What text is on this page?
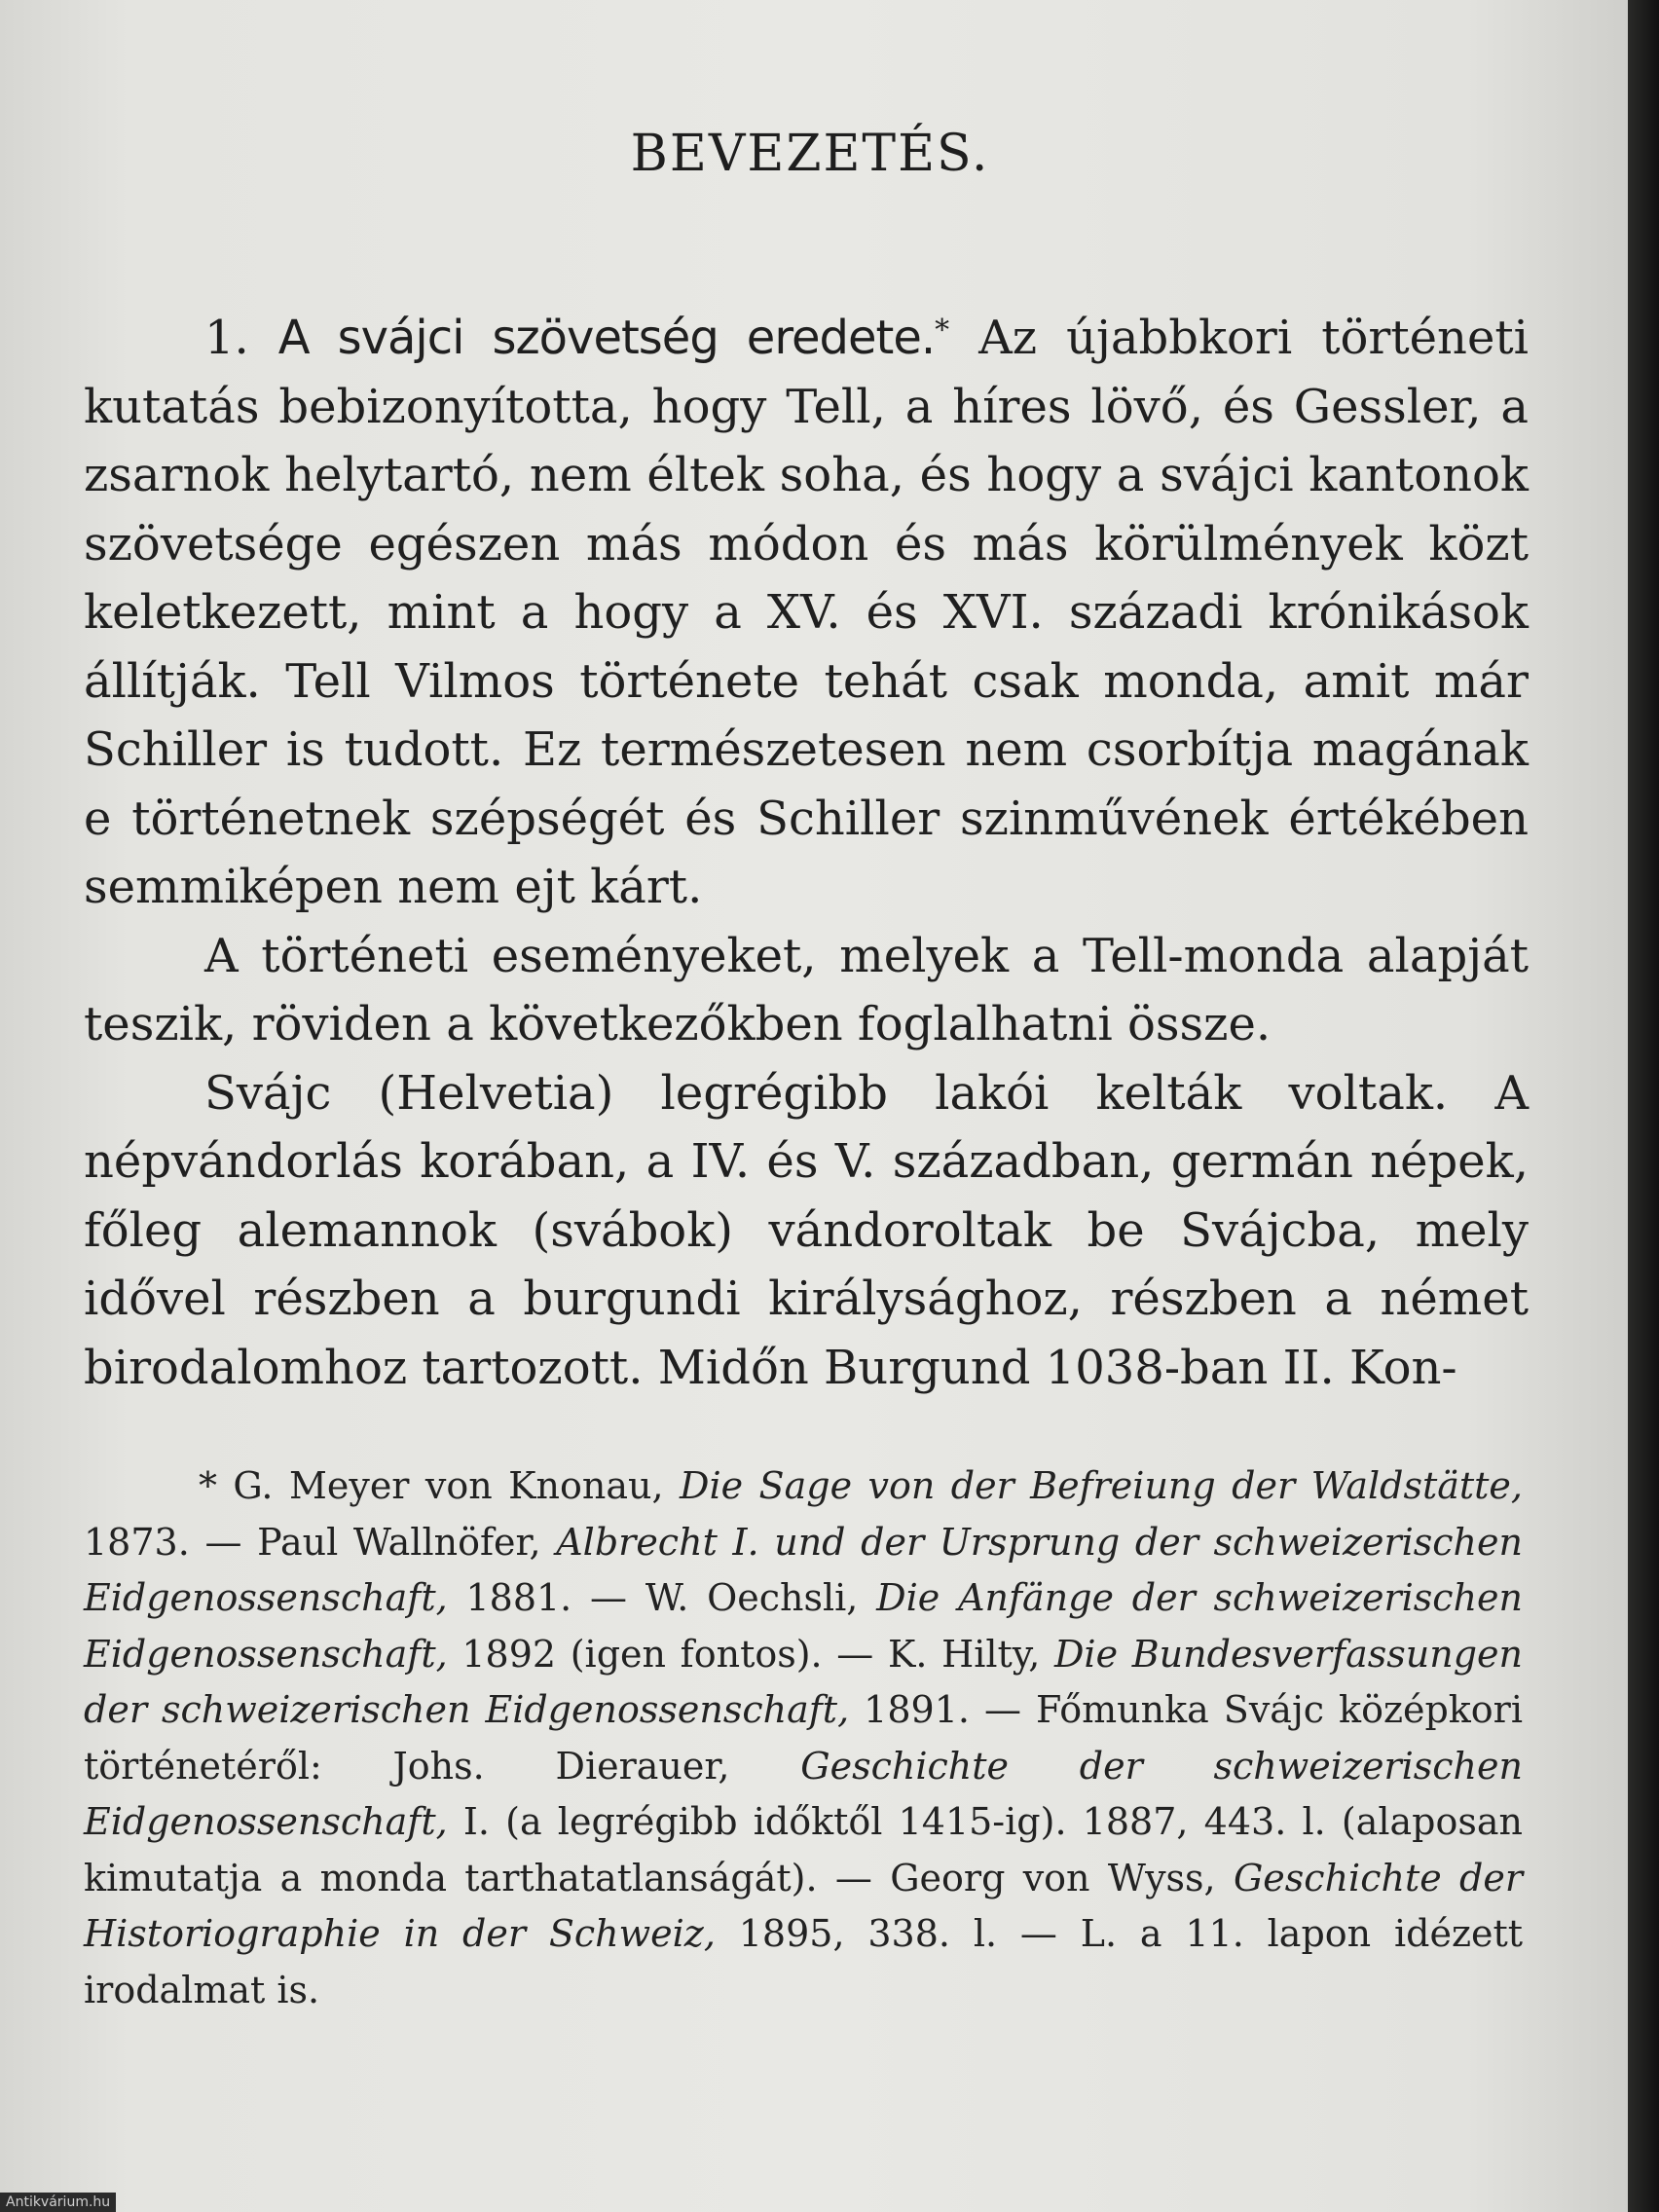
BEVEZETÉS.

1. A svájci szövetség eredete.* Az újabbkori történeti kutatás bebizonyította, hogy Tell, a híres lövő, és Gessler, a zsarnok helytartó, nem éltek soha, és hogy a svájci kantonok szövetsége egészen más módon és más körülmények közt keletkezett, mint a hogy a XV. és XVI. századi krónikások állítják. Tell Vilmos története tehát csak monda, amit már Schiller is tudott. Ez természetesen nem csorbítja magának e történetnek szépségét és Schiller szinművének értékében semmiképen nem ejt kárt.

A történeti eseményeket, melyek a Tell-monda alapját teszik, röviden a következőkben foglalhatni össze.

Svájc (Helvetia) legrégibb lakói kelták voltak. A népvándorlás korában, a IV. és V. században, germán népek, főleg alemannok (svábok) vándoroltak be Svájcba, mely idővel részben a burgundi királysághoz, részben a német birodalomhoz tartozott. Midőn Burgund 1038-ban II. Kon-

* G. Meyer von Knonau, Die Sage von der Befreiung der Waldstätte, 1873. — Paul Wallnöfer, Albrecht I. und der Ursprung der schweizerischen Eidgenossenschaft, 1881. — W. Oechsli, Die Anfänge der schweizerischen Eidgenossenschaft, 1892 (igen fontos). — K. Hilty, Die Bundesverfassungen der schweizerischen Eidgenossenschaft, 1891. — Főmunka Svájc középkori történetéről: Johs. Dierauer, Geschichte der schweizerischen Eidgenossenschaft, I. (a legrégibb időktől 1415-ig). 1887, 443. l. (alaposan kimutatja a monda tarthatatlanságát). — Georg von Wyss, Geschichte der Historiographie in der Schweiz, 1895, 338. l. — L. a 11. lapon idézett irodalmat is.

Antikvárium.hu
